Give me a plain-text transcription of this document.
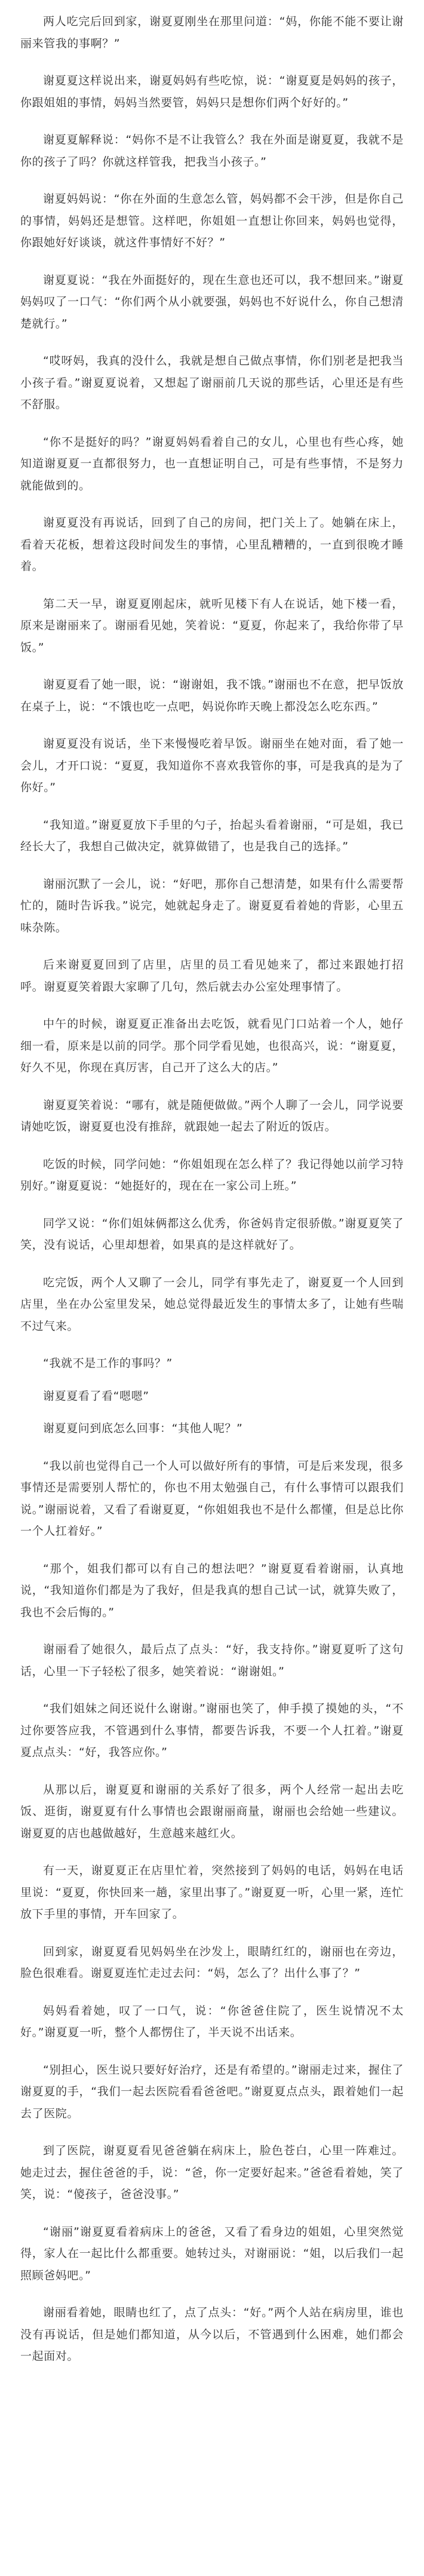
两人吃完后回到家，谢夏夏刚坐在那里问道：“妈，你能不能不要让谢丽来管我的事啊？”

谢夏夏这样说出来，谢夏妈妈有些吃惊，说：“谢夏夏是妈妈的孩子，你跟姐姐的事情，妈妈当然要管，妈妈只是想你们两个好好的。”

谢夏夏解释说：“妈你不是不让我管么？我在外面是谢夏夏，我就不是你的孩子了吗？你就这样管我，把我当小孩子。”

谢夏妈妈说：“你在外面的生意怎么管，妈妈都不会干涉，但是你自己的事情，妈妈还是想管。这样吧，你姐姐一直想让你回来，妈妈也觉得，你跟她好好谈谈，就这件事情好不好？”

谢夏夏说：“我在外面挺好的，现在生意也还可以，我不想回来。”谢夏妈妈叹了一口气：“你们两个从小就要强，妈妈也不好说什么，你自己想清楚就行。”

“哎呀妈，我真的没什么，我就是想自己做点事情，你们别老是把我当小孩子看。”谢夏夏说着，又想起了谢丽前几天说的那些话，心里还是有些不舒服。

“你不是挺好的吗？”谢夏妈妈看着自己的女儿，心里也有些心疼，她知道谢夏夏一直都很努力，也一直想证明自己，可是有些事情，不是努力就能做到的。

谢夏夏没有再说话，回到了自己的房间，把门关上了。她躺在床上，看着天花板，想着这段时间发生的事情，心里乱糟糟的，一直到很晚才睡着。

第二天一早，谢夏夏刚起床，就听见楼下有人在说话，她下楼一看，原来是谢丽来了。谢丽看见她，笑着说：“夏夏，你起来了，我给你带了早饭。”

谢夏夏看了她一眼，说：“谢谢姐，我不饿。”谢丽也不在意，把早饭放在桌子上，说：“不饿也吃一点吧，妈说你昨天晚上都没怎么吃东西。”

谢夏夏没有说话，坐下来慢慢吃着早饭。谢丽坐在她对面，看了她一会儿，才开口说：“夏夏，我知道你不喜欢我管你的事，可是我真的是为了你好。”

“我知道。”谢夏夏放下手里的勺子，抬起头看着谢丽，“可是姐，我已经长大了，我想自己做决定，就算做错了，也是我自己的选择。”

谢丽沉默了一会儿，说：“好吧，那你自己想清楚，如果有什么需要帮忙的，随时告诉我。”说完，她就起身走了。谢夏夏看着她的背影，心里五味杂陈。

后来谢夏夏回到了店里，店里的员工看见她来了，都过来跟她打招呼。谢夏夏笑着跟大家聊了几句，然后就去办公室处理事情了。

中午的时候，谢夏夏正准备出去吃饭，就看见门口站着一个人，她仔细一看，原来是以前的同学。那个同学看见她，也很高兴，说：“谢夏夏，好久不见，你现在真厉害，自己开了这么大的店。”

谢夏夏笑着说：“哪有，就是随便做做。”两个人聊了一会儿，同学说要请她吃饭，谢夏夏也没有推辞，就跟她一起去了附近的饭店。

吃饭的时候，同学问她：“你姐姐现在怎么样了？我记得她以前学习特别好。”谢夏夏说：“她挺好的，现在在一家公司上班。”

同学又说：“你们姐妹俩都这么优秀，你爸妈肯定很骄傲。”谢夏夏笑了笑，没有说话，心里却想着，如果真的是这样就好了。

吃完饭，两个人又聊了一会儿，同学有事先走了，谢夏夏一个人回到店里，坐在办公室里发呆，她总觉得最近发生的事情太多了，让她有些喘不过气来。

“我就不是工作的事吗？”

谢夏夏看了看“嗯嗯”

谢夏夏问到底怎么回事：“其他人呢？”

“我以前也觉得自己一个人可以做好所有的事情，可是后来发现，很多事情还是需要别人帮忙的，你也不用太勉强自己，有什么事情可以跟我们说。”谢丽说着，又看了看谢夏夏，“你姐姐我也不是什么都懂，但是总比你一个人扛着好。”

“那个，姐我们都可以有自己的想法吧？”谢夏夏看着谢丽，认真地说，“我知道你们都是为了我好，但是我真的想自己试一试，就算失败了，我也不会后悔的。”

谢丽看了她很久，最后点了点头：“好，我支持你。”谢夏夏听了这句话，心里一下子轻松了很多，她笑着说：“谢谢姐。”

“我们姐妹之间还说什么谢谢。”谢丽也笑了，伸手摸了摸她的头，“不过你要答应我，不管遇到什么事情，都要告诉我，不要一个人扛着。”谢夏夏点点头：“好，我答应你。”

从那以后，谢夏夏和谢丽的关系好了很多，两个人经常一起出去吃饭、逛街，谢夏夏有什么事情也会跟谢丽商量，谢丽也会给她一些建议。谢夏夏的店也越做越好，生意越来越红火。

有一天，谢夏夏正在店里忙着，突然接到了妈妈的电话，妈妈在电话里说：“夏夏，你快回来一趟，家里出事了。”谢夏夏一听，心里一紧，连忙放下手里的事情，开车回家了。

回到家，谢夏夏看见妈妈坐在沙发上，眼睛红红的，谢丽也在旁边，脸色很难看。谢夏夏连忙走过去问：“妈，怎么了？出什么事了？”

妈妈看着她，叹了一口气，说：“你爸爸住院了，医生说情况不太好。”谢夏夏一听，整个人都愣住了，半天说不出话来。

“别担心，医生说只要好好治疗，还是有希望的。”谢丽走过来，握住了谢夏夏的手，“我们一起去医院看看爸爸吧。”谢夏夏点点头，跟着她们一起去了医院。

到了医院，谢夏夏看见爸爸躺在病床上，脸色苍白，心里一阵难过。她走过去，握住爸爸的手，说：“爸，你一定要好起来。”爸爸看着她，笑了笑，说：“傻孩子，爸爸没事。”

“谢丽”谢夏夏看着病床上的爸爸，又看了看身边的姐姐，心里突然觉得，家人在一起比什么都重要。她转过头，对谢丽说：“姐，以后我们一起照顾爸妈吧。”

谢丽看着她，眼睛也红了，点了点头：“好。”两个人站在病房里，谁也没有再说话，但是她们都知道，从今以后，不管遇到什么困难，她们都会一起面对。
